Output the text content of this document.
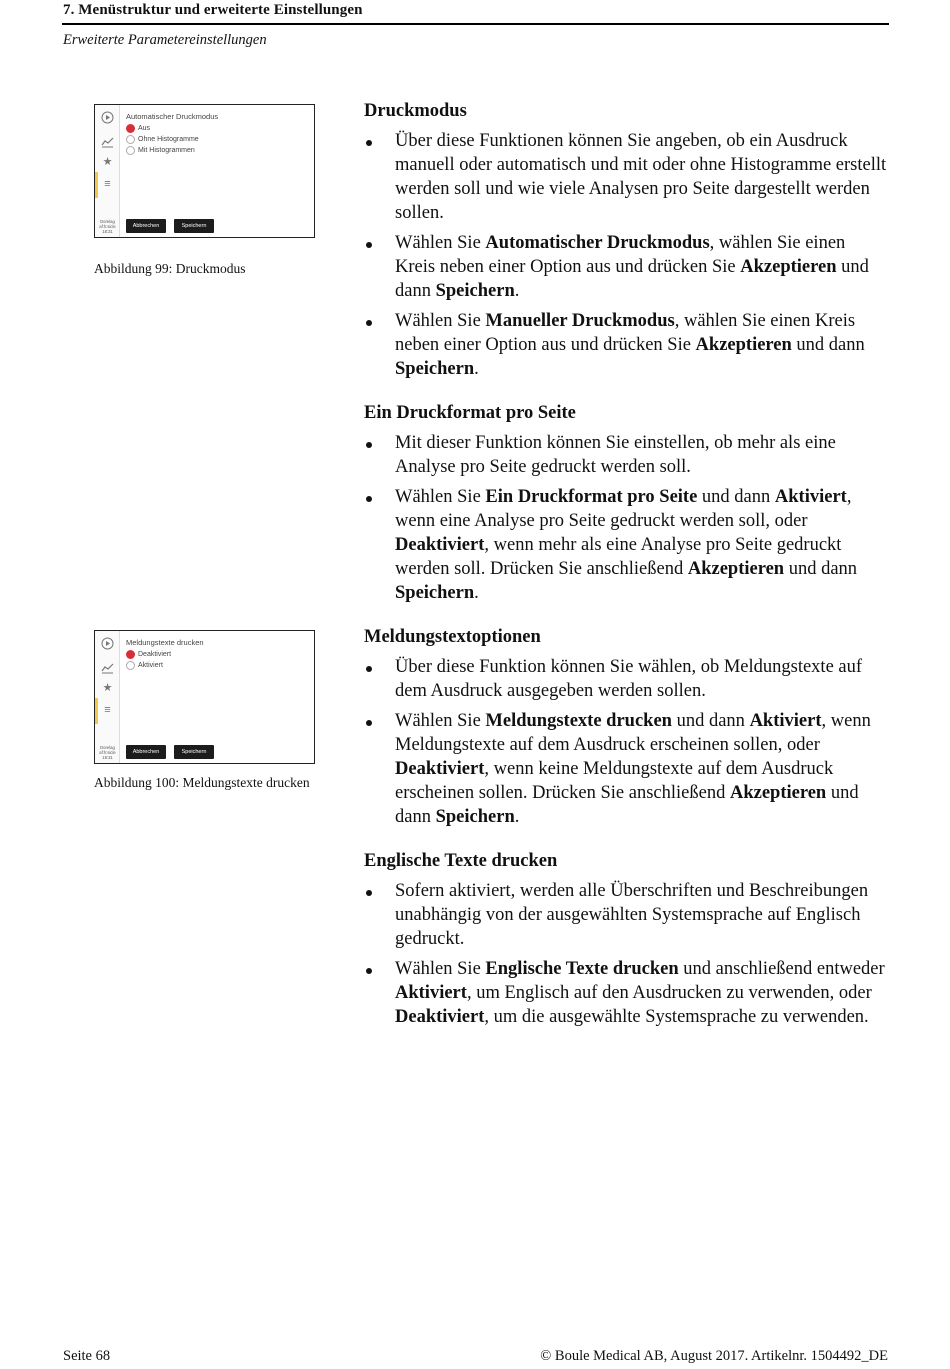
7. Menüstruktur und erweiterte Einstellungen
Erweiterte Parametereinstellungen
★
≡
Dorelag
af:h:sicle
18:31
Automatischer Druckmodus
Aus
Ohne Histogramme
Mit Histogrammen
Abbrechen	Speichern
Abbildung 99: Druckmodus
★
≡
Dorelag
af:h:sicle
18:31
Meldungstexte drucken
Deaktiviert
Aktiviert
Abbrechen	Speichern
Abbildung 100: Meldungstexte drucken
Druckmodus
Über diese Funktionen können Sie angeben, ob ein Ausdruck manuell oder automatisch und mit oder ohne Histogramme erstellt werden soll und wie viele Analysen pro Seite dargestellt werden sollen.
Wählen Sie Automatischer Druckmodus, wählen Sie einen Kreis neben einer Option aus und drücken Sie Akzeptieren und dann Speichern.
Wählen Sie Manueller Druckmodus, wählen Sie einen Kreis neben einer Option aus und drücken Sie Akzeptieren und dann Speichern.
Ein Druckformat pro Seite
Mit dieser Funktion können Sie einstellen, ob mehr als eine Analyse pro Seite gedruckt werden soll.
Wählen Sie Ein Druckformat pro Seite und dann Aktiviert, wenn eine Analyse pro Seite gedruckt werden soll, oder Deaktiviert, wenn mehr als eine Analyse pro Seite gedruckt werden soll. Drücken Sie anschließend Akzeptieren und dann Speichern.
Meldungstextoptionen
Über diese Funktion können Sie wählen, ob Meldungstexte auf dem Ausdruck ausgegeben werden sollen.
Wählen Sie Meldungstexte drucken und dann Aktiviert, wenn Meldungstexte auf dem Ausdruck erscheinen sollen, oder Deaktiviert, wenn keine Meldungstexte auf dem Ausdruck erscheinen sollen. Drücken Sie anschließend Akzeptieren und dann Speichern.
Englische Texte drucken
Sofern aktiviert, werden alle Überschriften und Beschreibungen unabhängig von der ausgewählten Systemsprache auf Englisch gedruckt.
Wählen Sie Englische Texte drucken und anschließend entweder Aktiviert, um Englisch auf den Ausdrucken zu verwenden, oder Deaktiviert, um die ausgewählte Systemsprache zu verwenden.
Seite 68	© Boule Medical AB, August 2017. Artikelnr. 1504492_DE
